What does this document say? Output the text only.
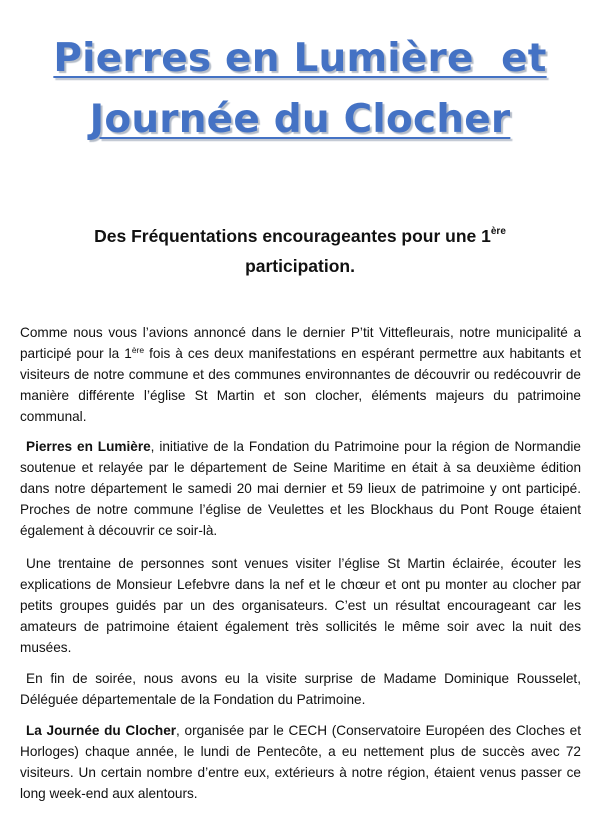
Pierres en Lumière  et
Journée du Clocher
Des Fréquentations encourageantes pour une 1ère
participation.

Comme nous vous l’avions annoncé dans le dernier P’tit Vittefleurais, notre municipalité a participé pour la 1ère fois à ces deux manifestations en espérant permettre aux habitants et visiteurs de notre commune et des communes environnantes de découvrir ou redécouvrir de manière différente l’église St Martin et son clocher, éléments majeurs du patrimoine communal.

Pierres en Lumière, initiative de la Fondation du Patrimoine pour la région de Normandie soutenue et relayée par le département de Seine Maritime en était à sa deuxième édition dans notre département le samedi 20 mai dernier et 59 lieux de patrimoine y ont participé. Proches de notre commune l’église de Veulettes et les Blockhaus du Pont Rouge étaient également à découvrir ce soir-là.

Une trentaine de personnes sont venues visiter l’église St Martin éclairée, écouter les explications de Monsieur Lefebvre dans la nef et le chœur et ont pu monter au clocher par petits groupes guidés par un des organisateurs. C’est un résultat encourageant car les amateurs de patrimoine étaient également très sollicités le même soir avec la nuit des musées.

En fin de soirée, nous avons eu la visite surprise de Madame Dominique Rousselet, Déléguée départementale de la Fondation du Patrimoine.

La Journée du Clocher, organisée par le CECH (Conservatoire Européen des Cloches et Horloges) chaque année, le lundi de Pentecôte, a eu nettement plus de succès avec 72 visiteurs. Un certain nombre d’entre eux, extérieurs à notre région, étaient venus passer ce long week-end aux alentours.
